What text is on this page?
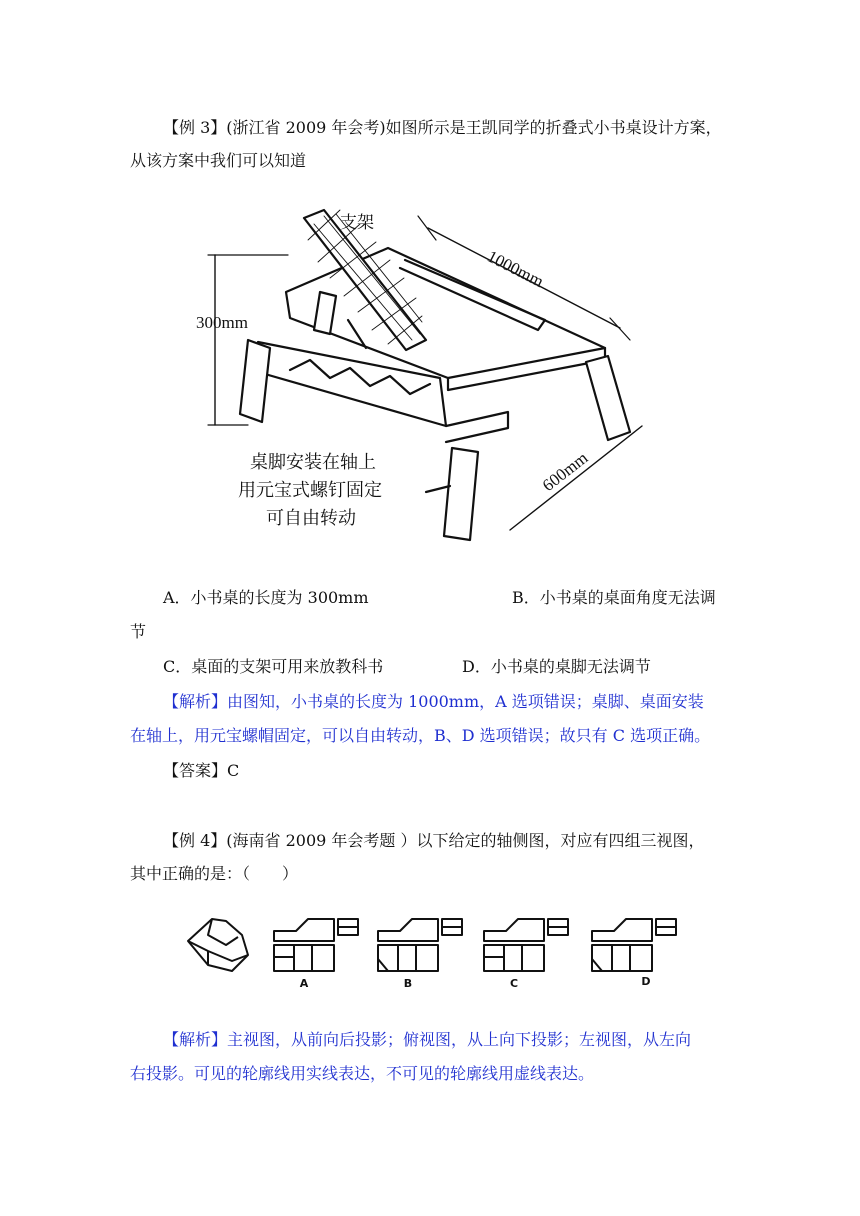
【例 3】(浙江省 2009 年会考)如图所示是王凯同学的折叠式小书桌设计方案，

从该方案中我们可以知道

支架
300mm
1000mm
600mm
桌脚安装在轴上
用元宝式螺钉固定
可自由转动

A．小书桌的长度为 300mm	B．小书桌的桌面角度无法调

节

C．桌面的支架可用来放教科书	D．小书桌的桌脚无法调节

【解析】由图知，小书桌的长度为 1000mm，A 选项错误；桌脚、桌面安装

在轴上，用元宝螺帽固定，可以自由转动，B、D 选项错误；故只有 C 选项正确。

【答案】C

【例 4】(海南省 2009 年会考题 ）以下给定的轴侧图，对应有四组三视图，

其中正确的是：（　　）

A	B	C	D

【解析】主视图，从前向后投影；俯视图，从上向下投影；左视图，从左向

右投影。可见的轮廓线用实线表达，不可见的轮廓线用虚线表达。
